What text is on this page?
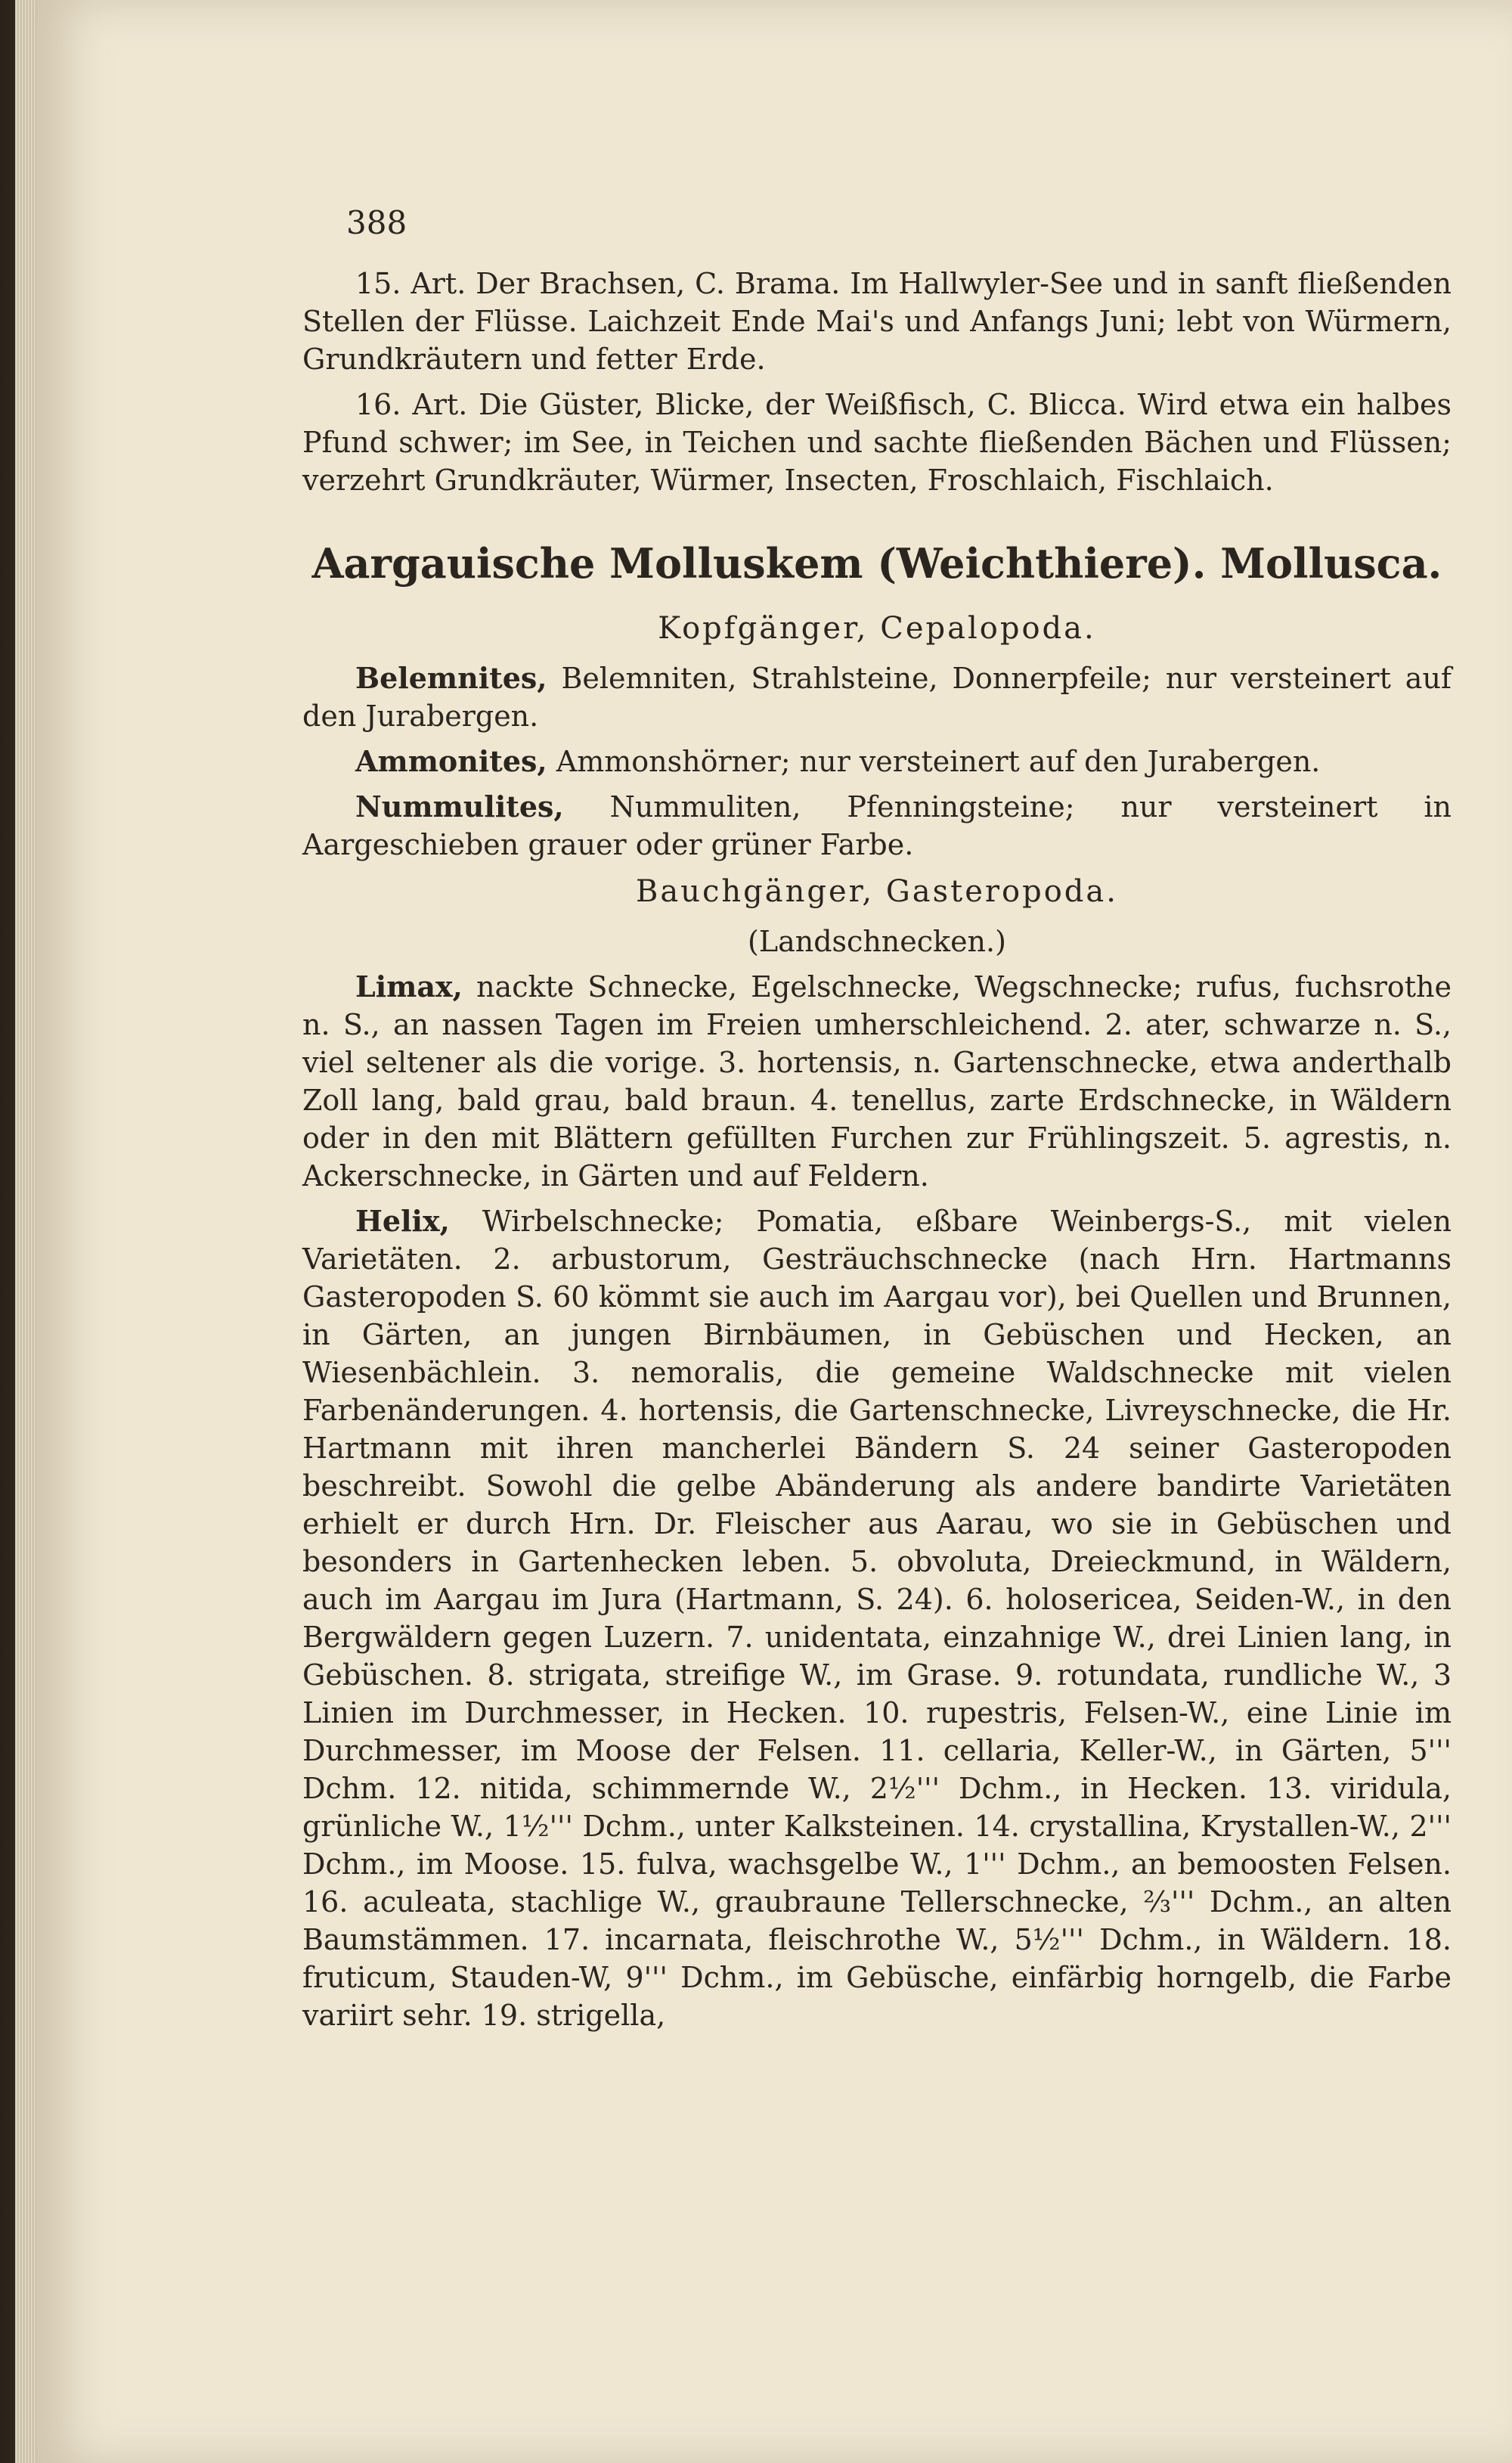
388

15. Art. Der Brachsen, C. Brama. Im Hallwyler-See und in sanft fließenden Stellen der Flüsse. Laichzeit Ende Mai's und Anfangs Juni; lebt von Würmern, Grundkräutern und fetter Erde.

16. Art. Die Güster, Blicke, der Weißfisch, C. Blicca. Wird etwa ein halbes Pfund schwer; im See, in Teichen und sachte fließenden Bächen und Flüssen; verzehrt Grundkräuter, Würmer, Insecten, Froschlaich, Fischlaich.

Aargauische Molluskem (Weichthiere). Mollusca.
Kopfgänger, Cepalopoda.

Belemnites, Belemniten, Strahlsteine, Donnerpfeile; nur versteinert auf den Jurabergen.

Ammonites, Ammonshörner; nur versteinert auf den Jurabergen.

Nummulites, Nummuliten, Pfenningsteine; nur versteinert in Aargeschieben grauer oder grüner Farbe.

Bauchgänger, Gasteropoda.
(Landschnecken.)

Limax, nackte Schnecke, Egelschnecke, Wegschnecke; rufus, fuchsrothe n. S., an nassen Tagen im Freien umherschleichend. 2. ater, schwarze n. S., viel seltener als die vorige. 3. hortensis, n. Gartenschnecke, etwa anderthalb Zoll lang, bald grau, bald braun. 4. tenellus, zarte Erdschnecke, in Wäldern oder in den mit Blättern gefüllten Furchen zur Frühlingszeit. 5. agrestis, n. Ackerschnecke, in Gärten und auf Feldern.

Helix, Wirbelschnecke; Pomatia, eßbare Weinbergs-S., mit vielen Varietäten. 2. arbustorum, Gesträuchschnecke (nach Hrn. Hartmanns Gasteropoden S. 60 kömmt sie auch im Aargau vor), bei Quellen und Brunnen, in Gärten, an jungen Birnbäumen, in Gebüschen und Hecken, an Wiesenbächlein. 3. nemoralis, die gemeine Waldschnecke mit vielen Farbenänderungen. 4. hortensis, die Gartenschnecke, Livreyschnecke, die Hr. Hartmann mit ihren mancherlei Bändern S. 24 seiner Gasteropoden beschreibt. Sowohl die gelbe Abänderung als andere bandirte Varietäten erhielt er durch Hrn. Dr. Fleischer aus Aarau, wo sie in Gebüschen und besonders in Gartenhecken leben. 5. obvoluta, Dreieckmund, in Wäldern, auch im Aargau im Jura (Hartmann, S. 24). 6. holosericea, Seiden-W., in den Bergwäldern gegen Luzern. 7. unidentata, einzahnige W., drei Linien lang, in Gebüschen. 8. strigata, streifige W., im Grase. 9. rotundata, rundliche W., 3 Linien im Durchmesser, in Hecken. 10. rupestris, Felsen-W., eine Linie im Durchmesser, im Moose der Felsen. 11. cellaria, Keller-W., in Gärten, 5''' Dchm. 12. nitida, schimmernde W., 2½''' Dchm., in Hecken. 13. viridula, grünliche W., 1½''' Dchm., unter Kalksteinen. 14. crystallina, Krystallen-W., 2''' Dchm., im Moose. 15. fulva, wachsgelbe W., 1''' Dchm., an bemoosten Felsen. 16. aculeata, stachlige W., graubraune Tellerschnecke, ⅔''' Dchm., an alten Baumstämmen. 17. incarnata, fleischrothe W., 5½''' Dchm., in Wäldern. 18. fruticum, Stauden-W, 9''' Dchm., im Gebüsche, einfärbig horngelb, die Farbe variirt sehr. 19. strigella,
